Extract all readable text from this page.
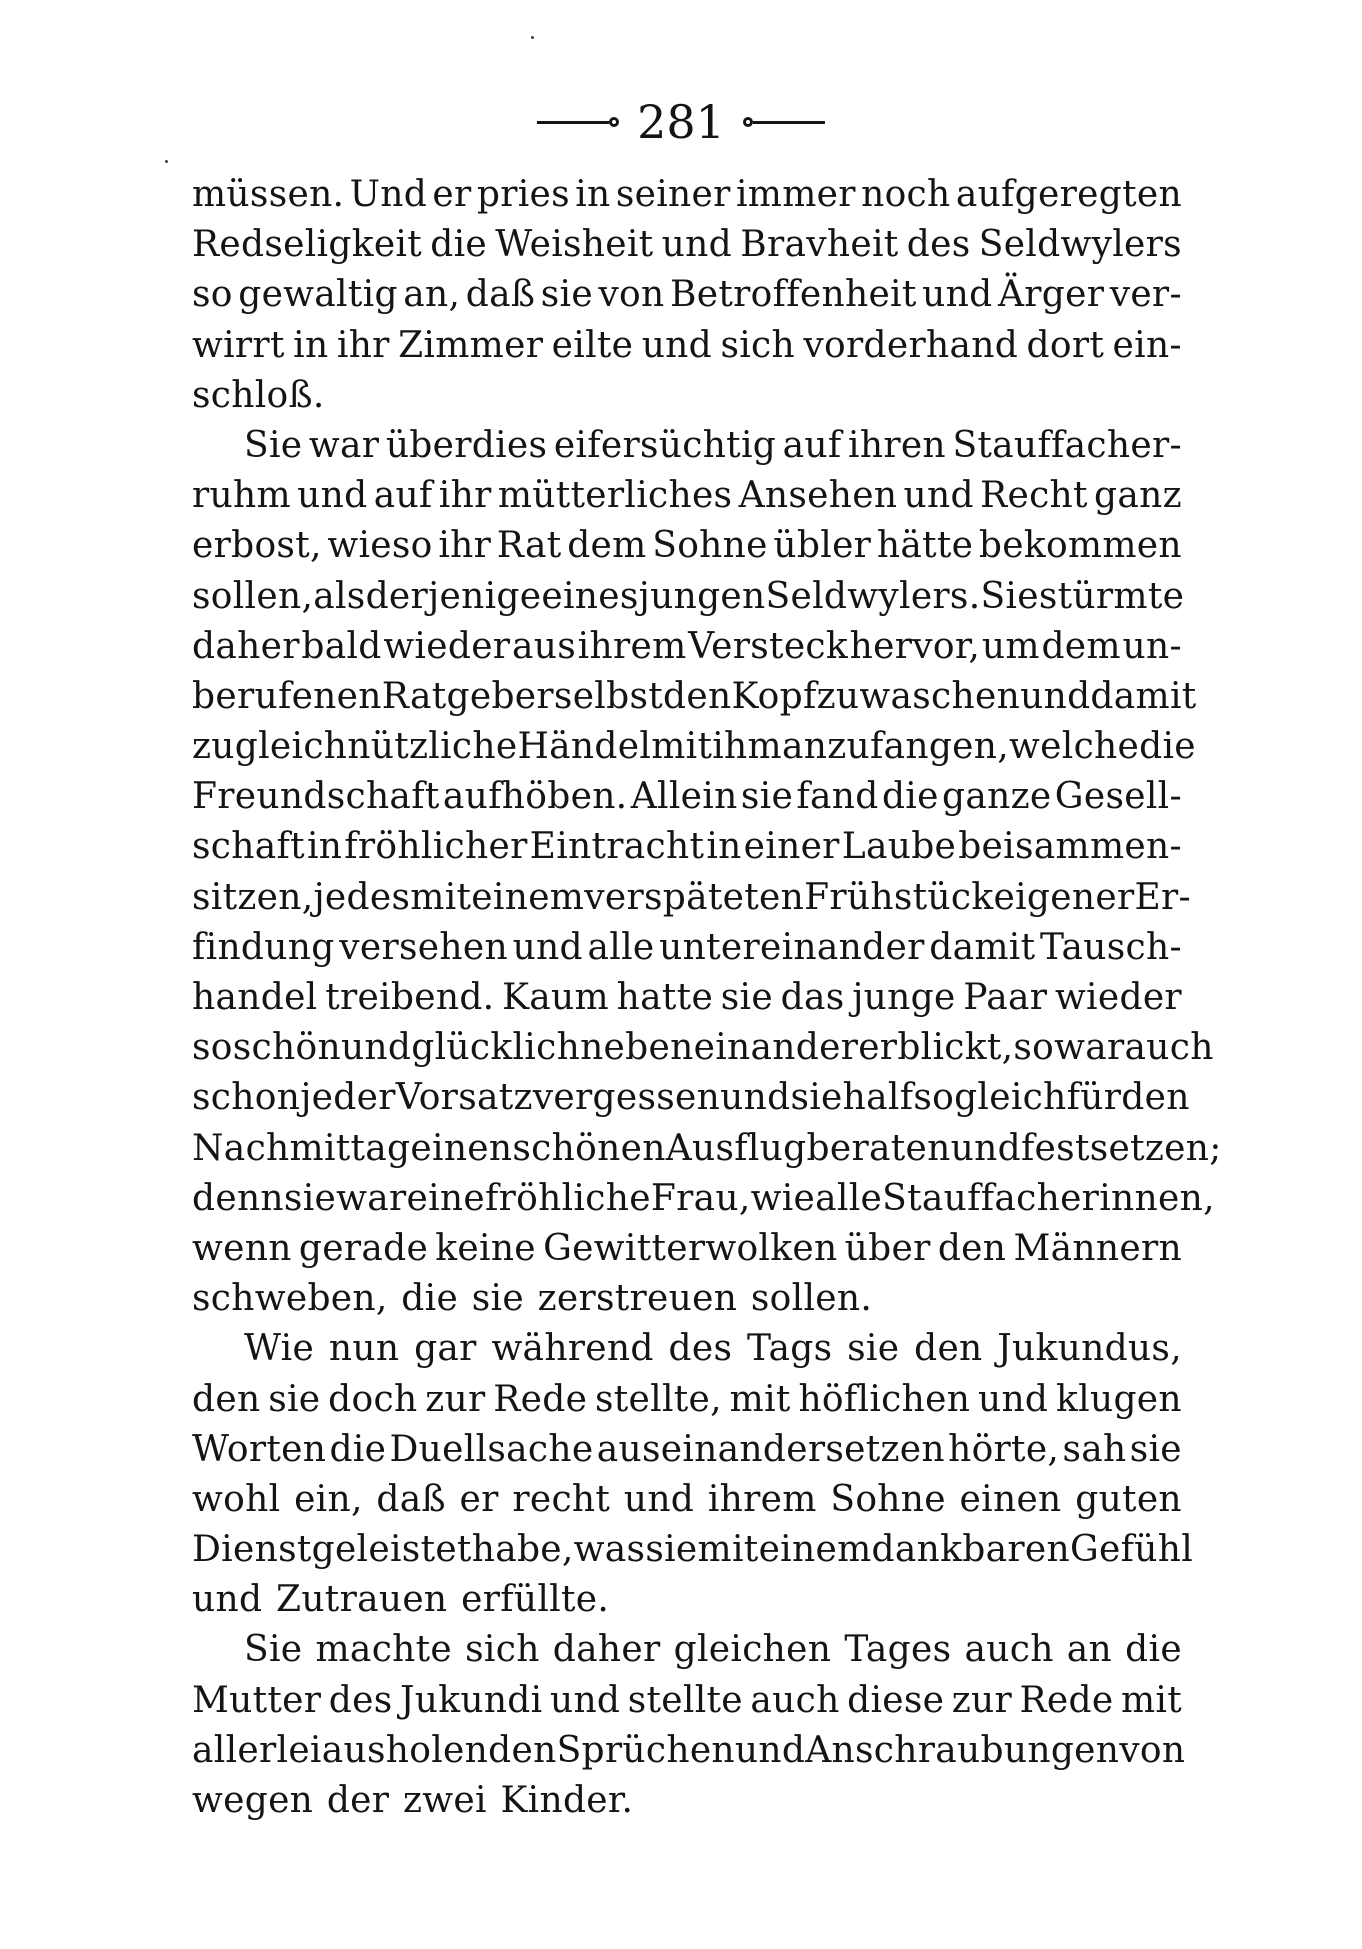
281
müssen. Und er pries in seiner immer noch aufgeregten
Redseligkeit die Weisheit und Bravheit des Seldwylers
so gewaltig an, daß sie von Betroffenheit und Ärger ver-
wirrt in ihr Zimmer eilte und sich vorderhand dort ein-
schloß.
Sie war überdies eifersüchtig auf ihren Stauffacher-
ruhm und auf ihr mütterliches Ansehen und Recht ganz
erbost, wieso ihr Rat dem Sohne übler hätte bekommen
sollen, als derjenige eines jungen Seldwylers. Sie stürmte
daher bald wieder aus ihrem Versteck hervor, um dem un-
berufenen Ratgeber selbst den Kopf zu waschen und damit
zugleich nützliche Händel mit ihm anzufangen, welche die
Freundschaft aufhöben. Allein sie fand die ganze Gesell-
schaft in fröhlicher Eintracht in einer Laube beisammen-
sitzen, jedes mit einem verspäteten Frühstück eigener Er-
findung versehen und alle untereinander damit Tausch-
handel treibend. Kaum hatte sie das junge Paar wieder
so schön und glücklich nebeneinander erblickt, so war auch
schon jeder Vorsatz vergessen und sie half sogleich für den
Nachmittag einen schönen Ausflug beraten und festsetzen;
denn sie war eine fröhliche Frau, wie alle Stauffacherinnen,
wenn gerade keine Gewitterwolken über den Männern
schweben, die sie zerstreuen sollen.
Wie nun gar während des Tags sie den Jukundus,
den sie doch zur Rede stellte, mit höflichen und klugen
Worten die Duellsache auseinandersetzen hörte, sah sie
wohl ein, daß er recht und ihrem Sohne einen guten
Dienst geleistet habe, was sie mit einem dankbaren Gefühl
und Zutrauen erfüllte.
Sie machte sich daher gleichen Tages auch an die
Mutter des Jukundi und stellte auch diese zur Rede mit
allerlei ausholenden Sprüchen und Anschraubungen von
wegen der zwei Kinder.
